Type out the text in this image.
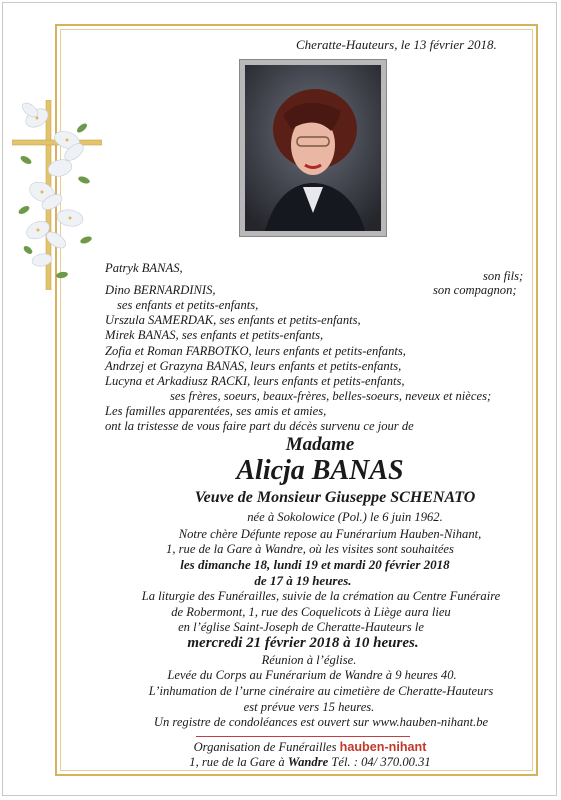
Cheratte-Hauteurs, le 13 février 2018.
Patryk BANAS,
son fils;
Dino BERNARDINIS,	son compagnon;
ses enfants et petits-enfants,
Urszula SAMERDAK, ses enfants et petits-enfants,
Mirek BANAS, ses enfants et petits-enfants,
Zofia et Roman FARBOTKO, leurs enfants et petits-enfants,
Andrzej et Grazyna BANAS, leurs enfants et petits-enfants,
Lucyna et Arkadiusz RACKI, leurs enfants et petits-enfants,
ses frères, soeurs, beaux-frères, belles-soeurs, neveux et nièces;
Les familles apparentées, ses amis et amies,
ont la tristesse de vous faire part du décès survenu ce jour de
Madame
Alicja BANAS
Veuve de Monsieur Giuseppe SCHENATO
née à Sokolowice (Pol.) le 6 juin 1962.
Notre chère Défunte repose au Funérarium Hauben-Nihant,
1, rue de la Gare à Wandre, où les visites sont souhaitées
les dimanche 18, lundi 19 et mardi 20 février 2018
de 17 à 19 heures.
La liturgie des Funérailles, suivie de la crémation au Centre Funéraire
de Robermont, 1, rue des Coquelicots à Liège aura lieu
en l’église Saint-Joseph de Cheratte-Hauteurs le
mercredi 21 février 2018 à 10 heures.
Réunion à l’église.
Levée du Corps au Funérarium de Wandre à 9 heures 40.
L’inhumation de l’urne cinéraire au cimetière de Cheratte-Hauteurs
est prévue vers 15 heures.
Un registre de condoléances est ouvert sur www.hauben-nihant.be
Organisation de Funérailles hauben-nihant
1, rue de la Gare à Wandre Tél. : 04/ 370.00.31
